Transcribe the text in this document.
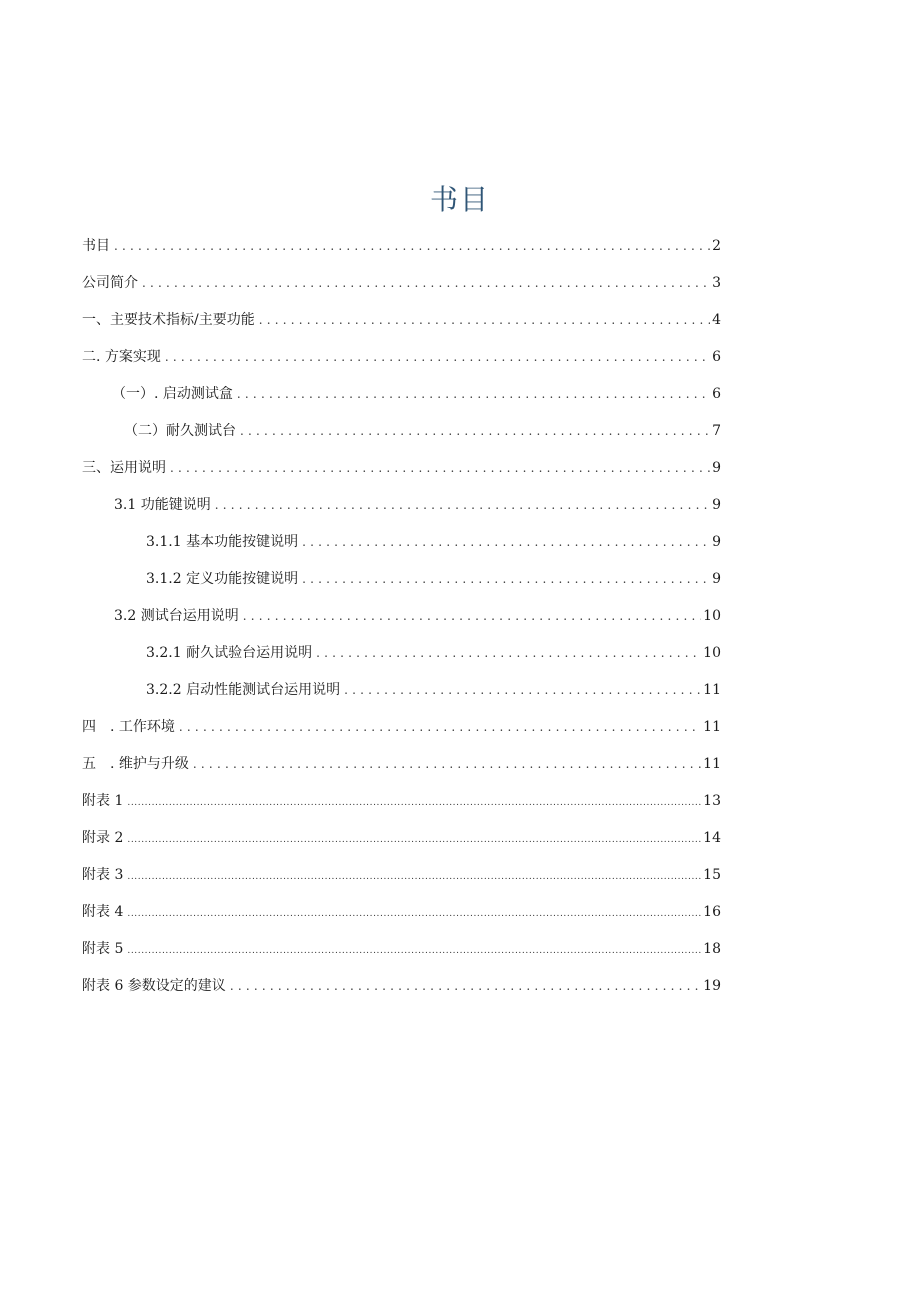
书目
书目 .....	2
公司简介 .....	3
一、主要技术指标/主要功能 .....	4
二. 方案实现 .....	6
（一）. 启动测试盒 .....	6
（二）耐久测试台 .....	7
三、运用说明 .....	9
3.1 功能键说明 .....	9
3.1.1 基本功能按键说明 .....	9
3.1.2 定义功能按键说明 .....	9
3.2 测试台运用说明 .....	10
3.2.1 耐久试验台运用说明 .....	10
3.2.2 启动性能测试台运用说明 .....	11
四　. 工作环境 .....	11
五　. 维护与升级 .....	11
附表 1 .....	13
附录 2 .....	14
附表 3 .....	15
附表 4 .....	16
附表 5 .....	18
附表 6 参数设定的建议 .....	19
